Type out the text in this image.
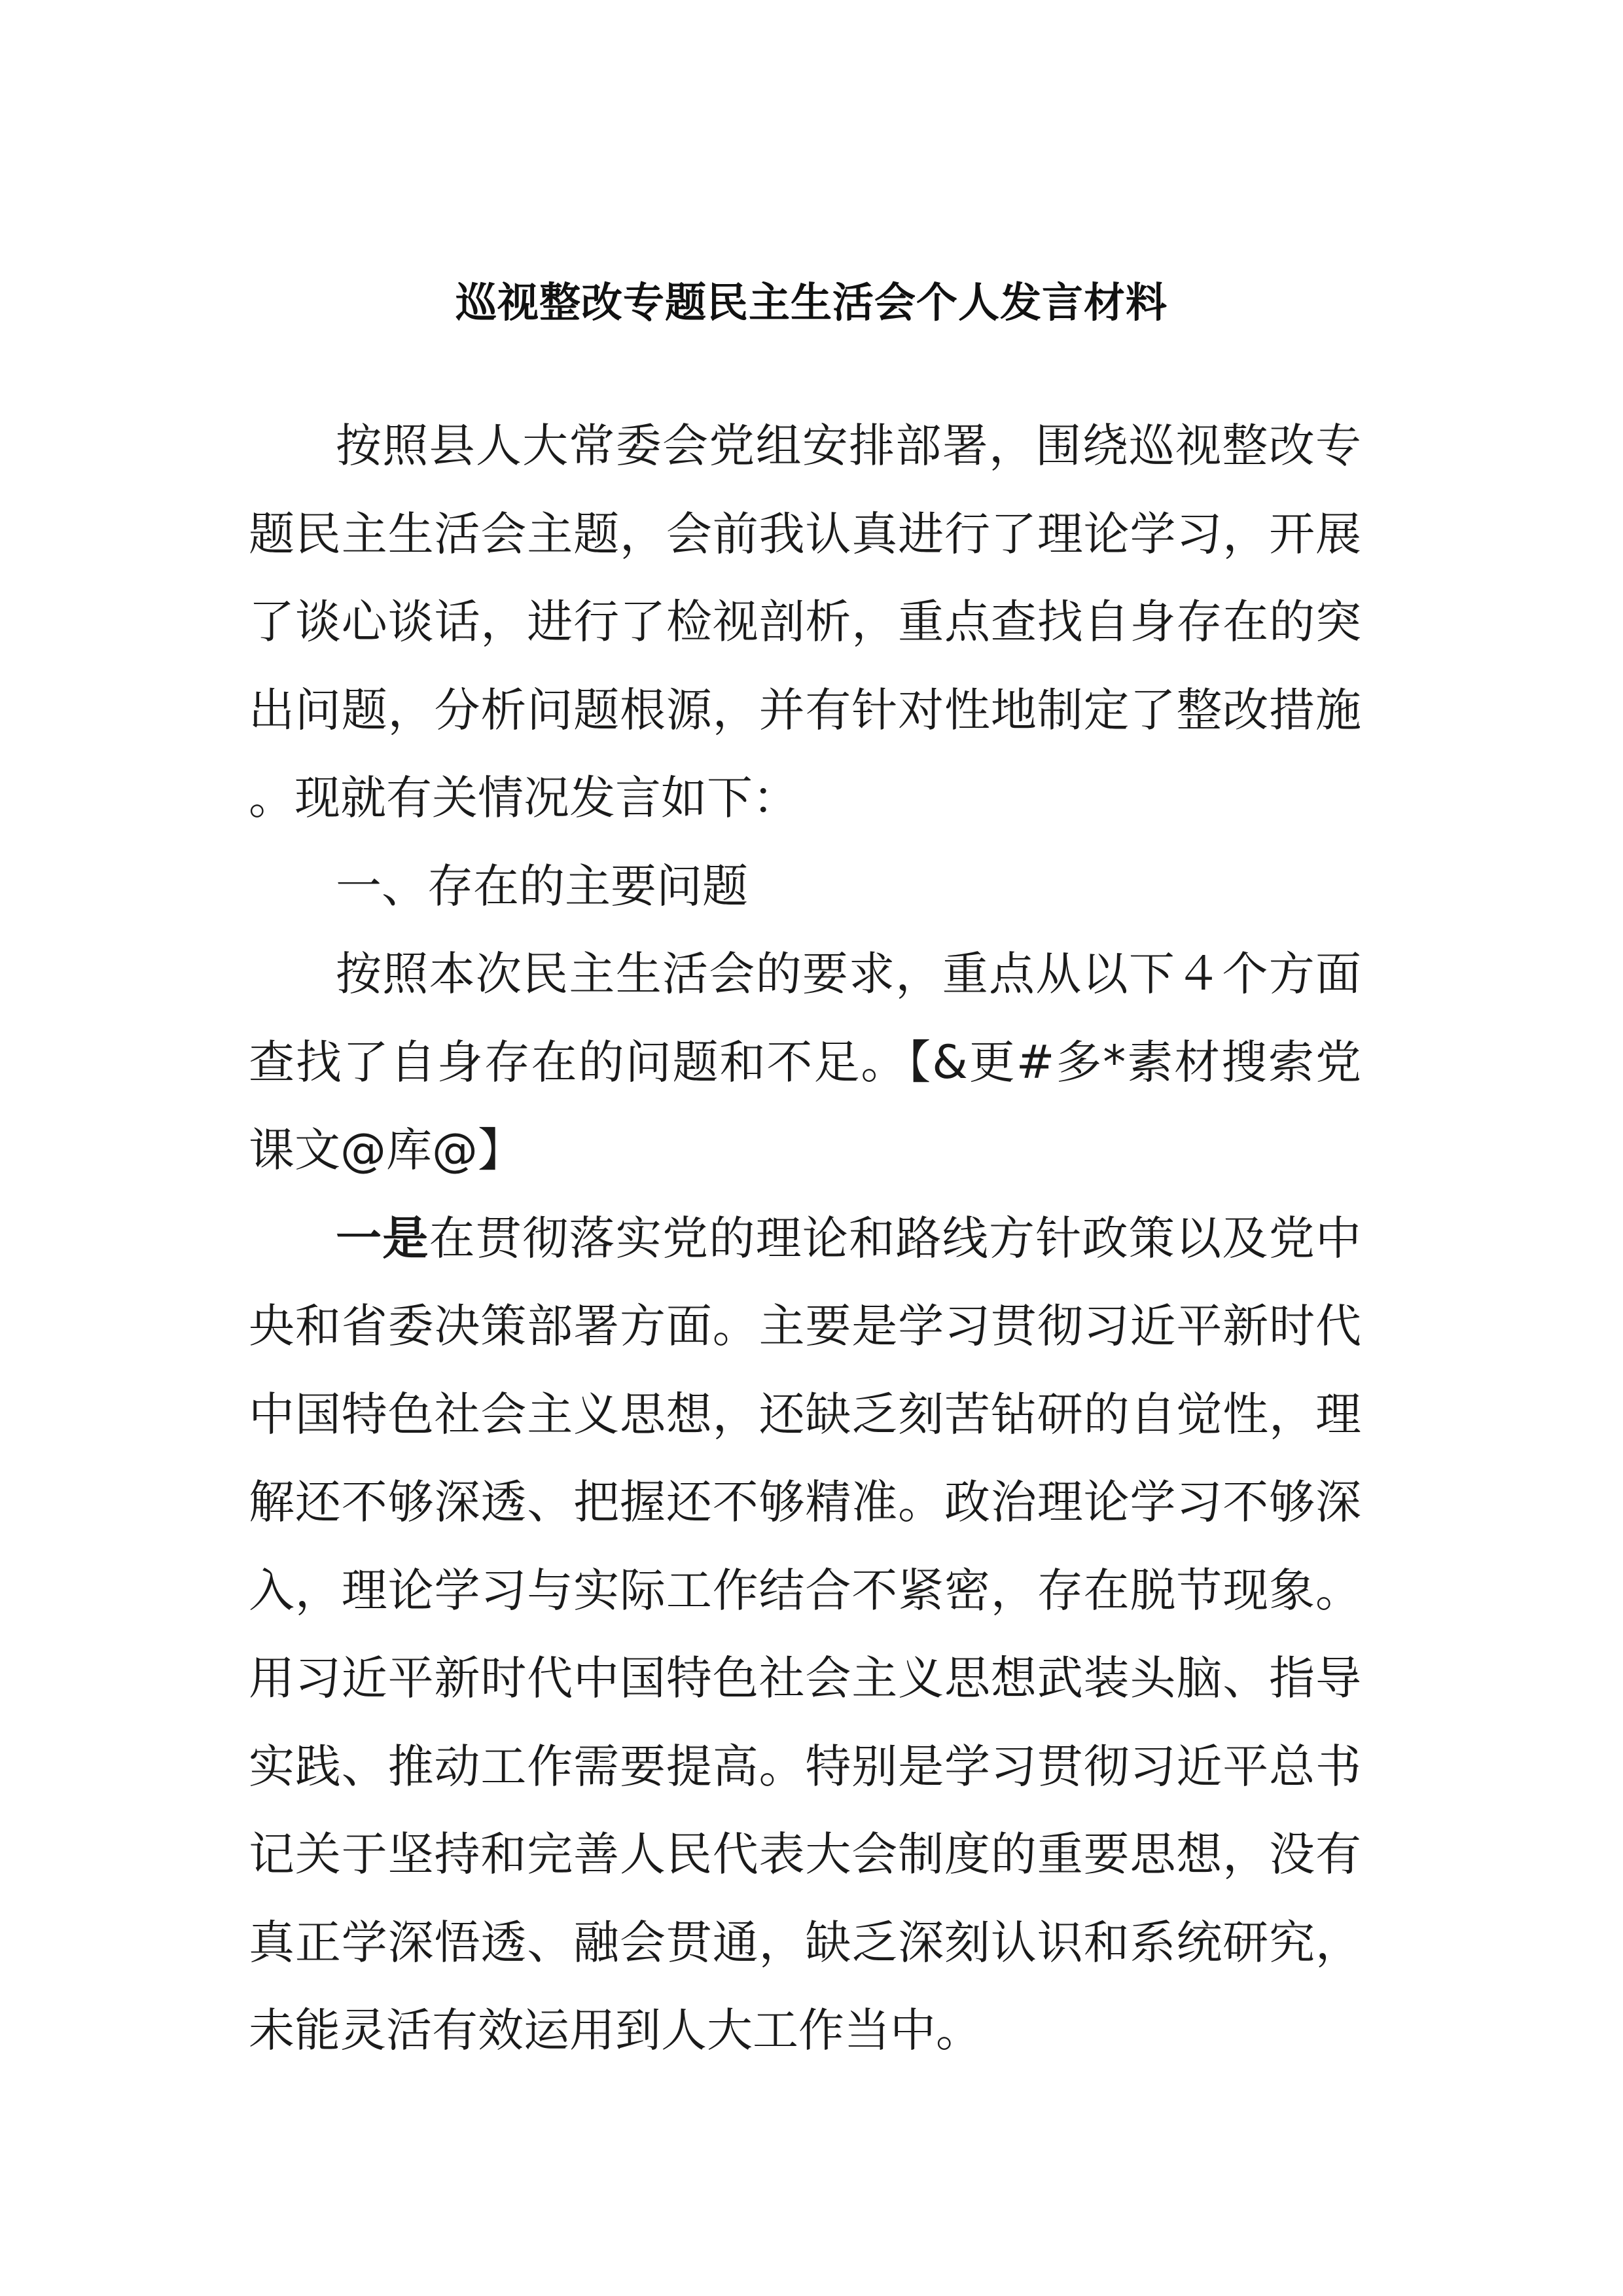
巡视整改专题民主生活会个人发言材料

按照县人大常委会党组安排部署，围绕巡视整改专题民主生活会主题，会前我认真进行了理论学习，开展了谈心谈话，进行了检视剖析，重点查找自身存在的突出问题，分析问题根源，并有针对性地制定了整改措施。现就有关情况发言如下：

一、存在的主要问题

按照本次民主生活会的要求，重点从以下４个方面查找了自身存在的问题和不足。【&更#多*素材搜索党课文@库@】

一是在贯彻落实党的理论和路线方针政策以及党中央和省委决策部署方面。主要是学习贯彻习近平新时代中国特色社会主义思想，还缺乏刻苦钻研的自觉性，理解还不够深透、把握还不够精准。政治理论学习不够深入，理论学习与实际工作结合不紧密，存在脱节现象。用习近平新时代中国特色社会主义思想武装头脑、指导实践、推动工作需要提高。特别是学习贯彻习近平总书记关于坚持和完善人民代表大会制度的重要思想，没有真正学深悟透、融会贯通，缺乏深刻认识和系统研究，未能灵活有效运用到人大工作当中。
